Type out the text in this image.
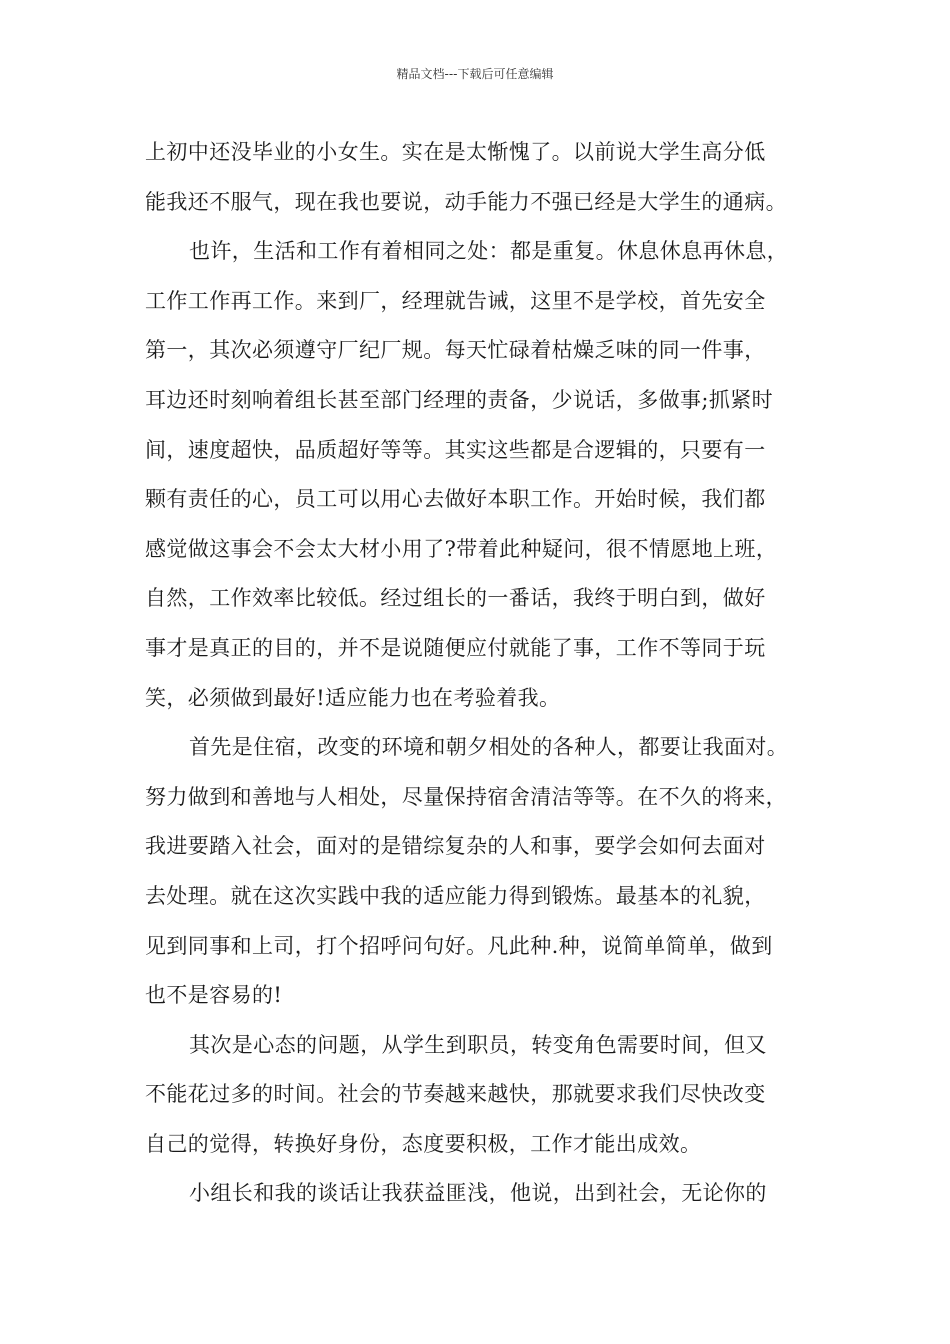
精品文档---下载后可任意编辑
上初中还没毕业的小女生。实在是太惭愧了。以前说大学生高分低
能我还不服气，现在我也要说，动手能力不强已经是大学生的通病。
也许，生活和工作有着相同之处：都是重复。休息休息再休息，
工作工作再工作。来到厂，经理就告诫，这里不是学校，首先安全
第一，其次必须遵守厂纪厂规。每天忙碌着枯燥乏味的同一件事，
耳边还时刻响着组长甚至部门经理的责备，少说话，多做事;抓紧时
间，速度超快，品质超好等等。其实这些都是合逻辑的，只要有一
颗有责任的心，员工可以用心去做好本职工作。开始时候，我们都
感觉做这事会不会太大材小用了?带着此种疑问，很不情愿地上班，
自然，工作效率比较低。经过组长的一番话，我终于明白到，做好
事才是真正的目的，并不是说随便应付就能了事，工作不等同于玩
笑，必须做到最好!适应能力也在考验着我。
首先是住宿，改变的环境和朝夕相处的各种人，都要让我面对。
努力做到和善地与人相处，尽量保持宿舍清洁等等。在不久的将来，
我进要踏入社会，面对的是错综复杂的人和事，要学会如何去面对
去处理。就在这次实践中我的适应能力得到锻炼。最基本的礼貌，
见到同事和上司，打个招呼问句好。凡此种.种，说简单简单，做到
也不是容易的!
其次是心态的问题，从学生到职员，转变角色需要时间，但又
不能花过多的时间。社会的节奏越来越快，那就要求我们尽快改变
自己的觉得，转换好身份，态度要积极，工作才能出成效。
小组长和我的谈话让我获益匪浅，他说，出到社会，无论你的
